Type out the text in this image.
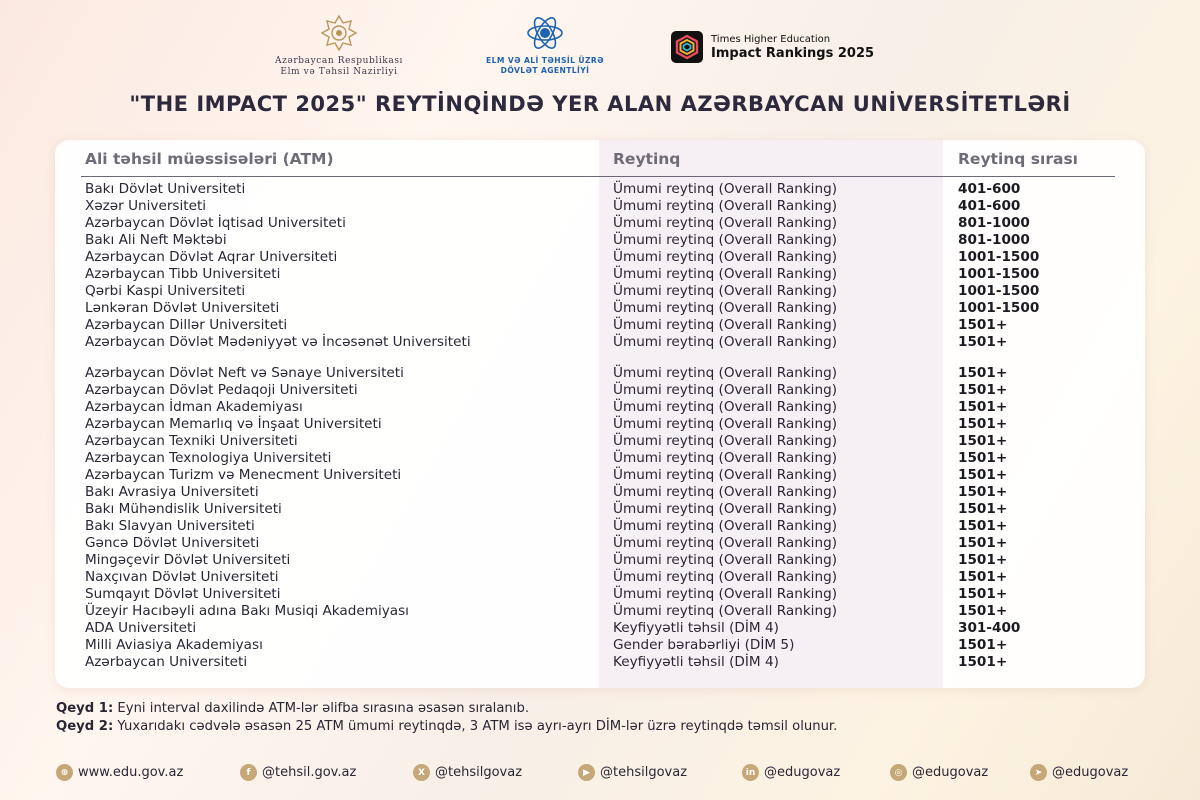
Azərbaycan Respublikası
Elm və Təhsil Nazirliyi
ELM VƏ ALİ TƏHSİL ÜZRƏ
DÖVLƏT AGENTLİYİ
Times Higher Education
Impact Rankings 2025
"THE IMPACT 2025" REYTİNQİNDƏ YER ALAN AZƏRBAYCAN UNİVERSİTETLƏRİ
Ali təhsil müəssisələri (ATM)	Reytinq	Reytinq sırası
Bakı Dövlət Universiteti	Ümumi reytinq (Overall Ranking)	401-600
Xəzər Universiteti	Ümumi reytinq (Overall Ranking)	401-600
Azərbaycan Dövlət İqtisad Universiteti	Ümumi reytinq (Overall Ranking)	801-1000
Bakı Ali Neft Məktəbi	Ümumi reytinq (Overall Ranking)	801-1000
Azərbaycan Dövlət Aqrar Universiteti	Ümumi reytinq (Overall Ranking)	1001-1500
Azərbaycan Tibb Universiteti	Ümumi reytinq (Overall Ranking)	1001-1500
Qərbi Kaspi Universiteti	Ümumi reytinq (Overall Ranking)	1001-1500
Lənkəran Dövlət Universiteti	Ümumi reytinq (Overall Ranking)	1001-1500
Azərbaycan Dillər Universiteti	Ümumi reytinq (Overall Ranking)	1501+
Azərbaycan Dövlət Mədəniyyət və İncəsənət Universiteti	Ümumi reytinq (Overall Ranking)	1501+
Azərbaycan Dövlət Neft və Sənaye Universiteti	Ümumi reytinq (Overall Ranking)	1501+
Azərbaycan Dövlət Pedaqoji Universiteti	Ümumi reytinq (Overall Ranking)	1501+
Azərbaycan İdman Akademiyası	Ümumi reytinq (Overall Ranking)	1501+
Azərbaycan Memarlıq və İnşaat Universiteti	Ümumi reytinq (Overall Ranking)	1501+
Azərbaycan Texniki Universiteti	Ümumi reytinq (Overall Ranking)	1501+
Azərbaycan Texnologiya Universiteti	Ümumi reytinq (Overall Ranking)	1501+
Azərbaycan Turizm və Menecment Universiteti	Ümumi reytinq (Overall Ranking)	1501+
Bakı Avrasiya Universiteti	Ümumi reytinq (Overall Ranking)	1501+
Bakı Mühəndislik Universiteti	Ümumi reytinq (Overall Ranking)	1501+
Bakı Slavyan Universiteti	Ümumi reytinq (Overall Ranking)	1501+
Gəncə Dövlət Universiteti	Ümumi reytinq (Overall Ranking)	1501+
Mingəçevir Dövlət Universiteti	Ümumi reytinq (Overall Ranking)	1501+
Naxçıvan Dövlət Universiteti	Ümumi reytinq (Overall Ranking)	1501+
Sumqayıt Dövlət Universiteti	Ümumi reytinq (Overall Ranking)	1501+
Üzeyir Hacıbəyli adına Bakı Musiqi Akademiyası	Ümumi reytinq (Overall Ranking)	1501+
ADA Universiteti	Keyfiyyətli təhsil (DİM 4)	301-400
Milli Aviasiya Akademiyası	Gender bərabərliyi (DİM 5)	1501+
Azərbaycan Universiteti	Keyfiyyətli təhsil (DİM 4)	1501+

Qeyd 1: Eyni interval daxilində ATM-lər əlifba sırasına əsasən sıralanıb.

Qeyd 2: Yuxarıdakı cədvələ əsasən 25 ATM ümumi reytinqdə, 3 ATM isə ayrı-ayrı DİM-lər üzrə reytinqdə təmsil olunur.

⊕ www.edu.gov.az	f @tehsil.gov.az	X @tehsilgovaz	▶ @tehsilgovaz	in @edugovaz	◎ @edugovaz	➤ @edugovaz
